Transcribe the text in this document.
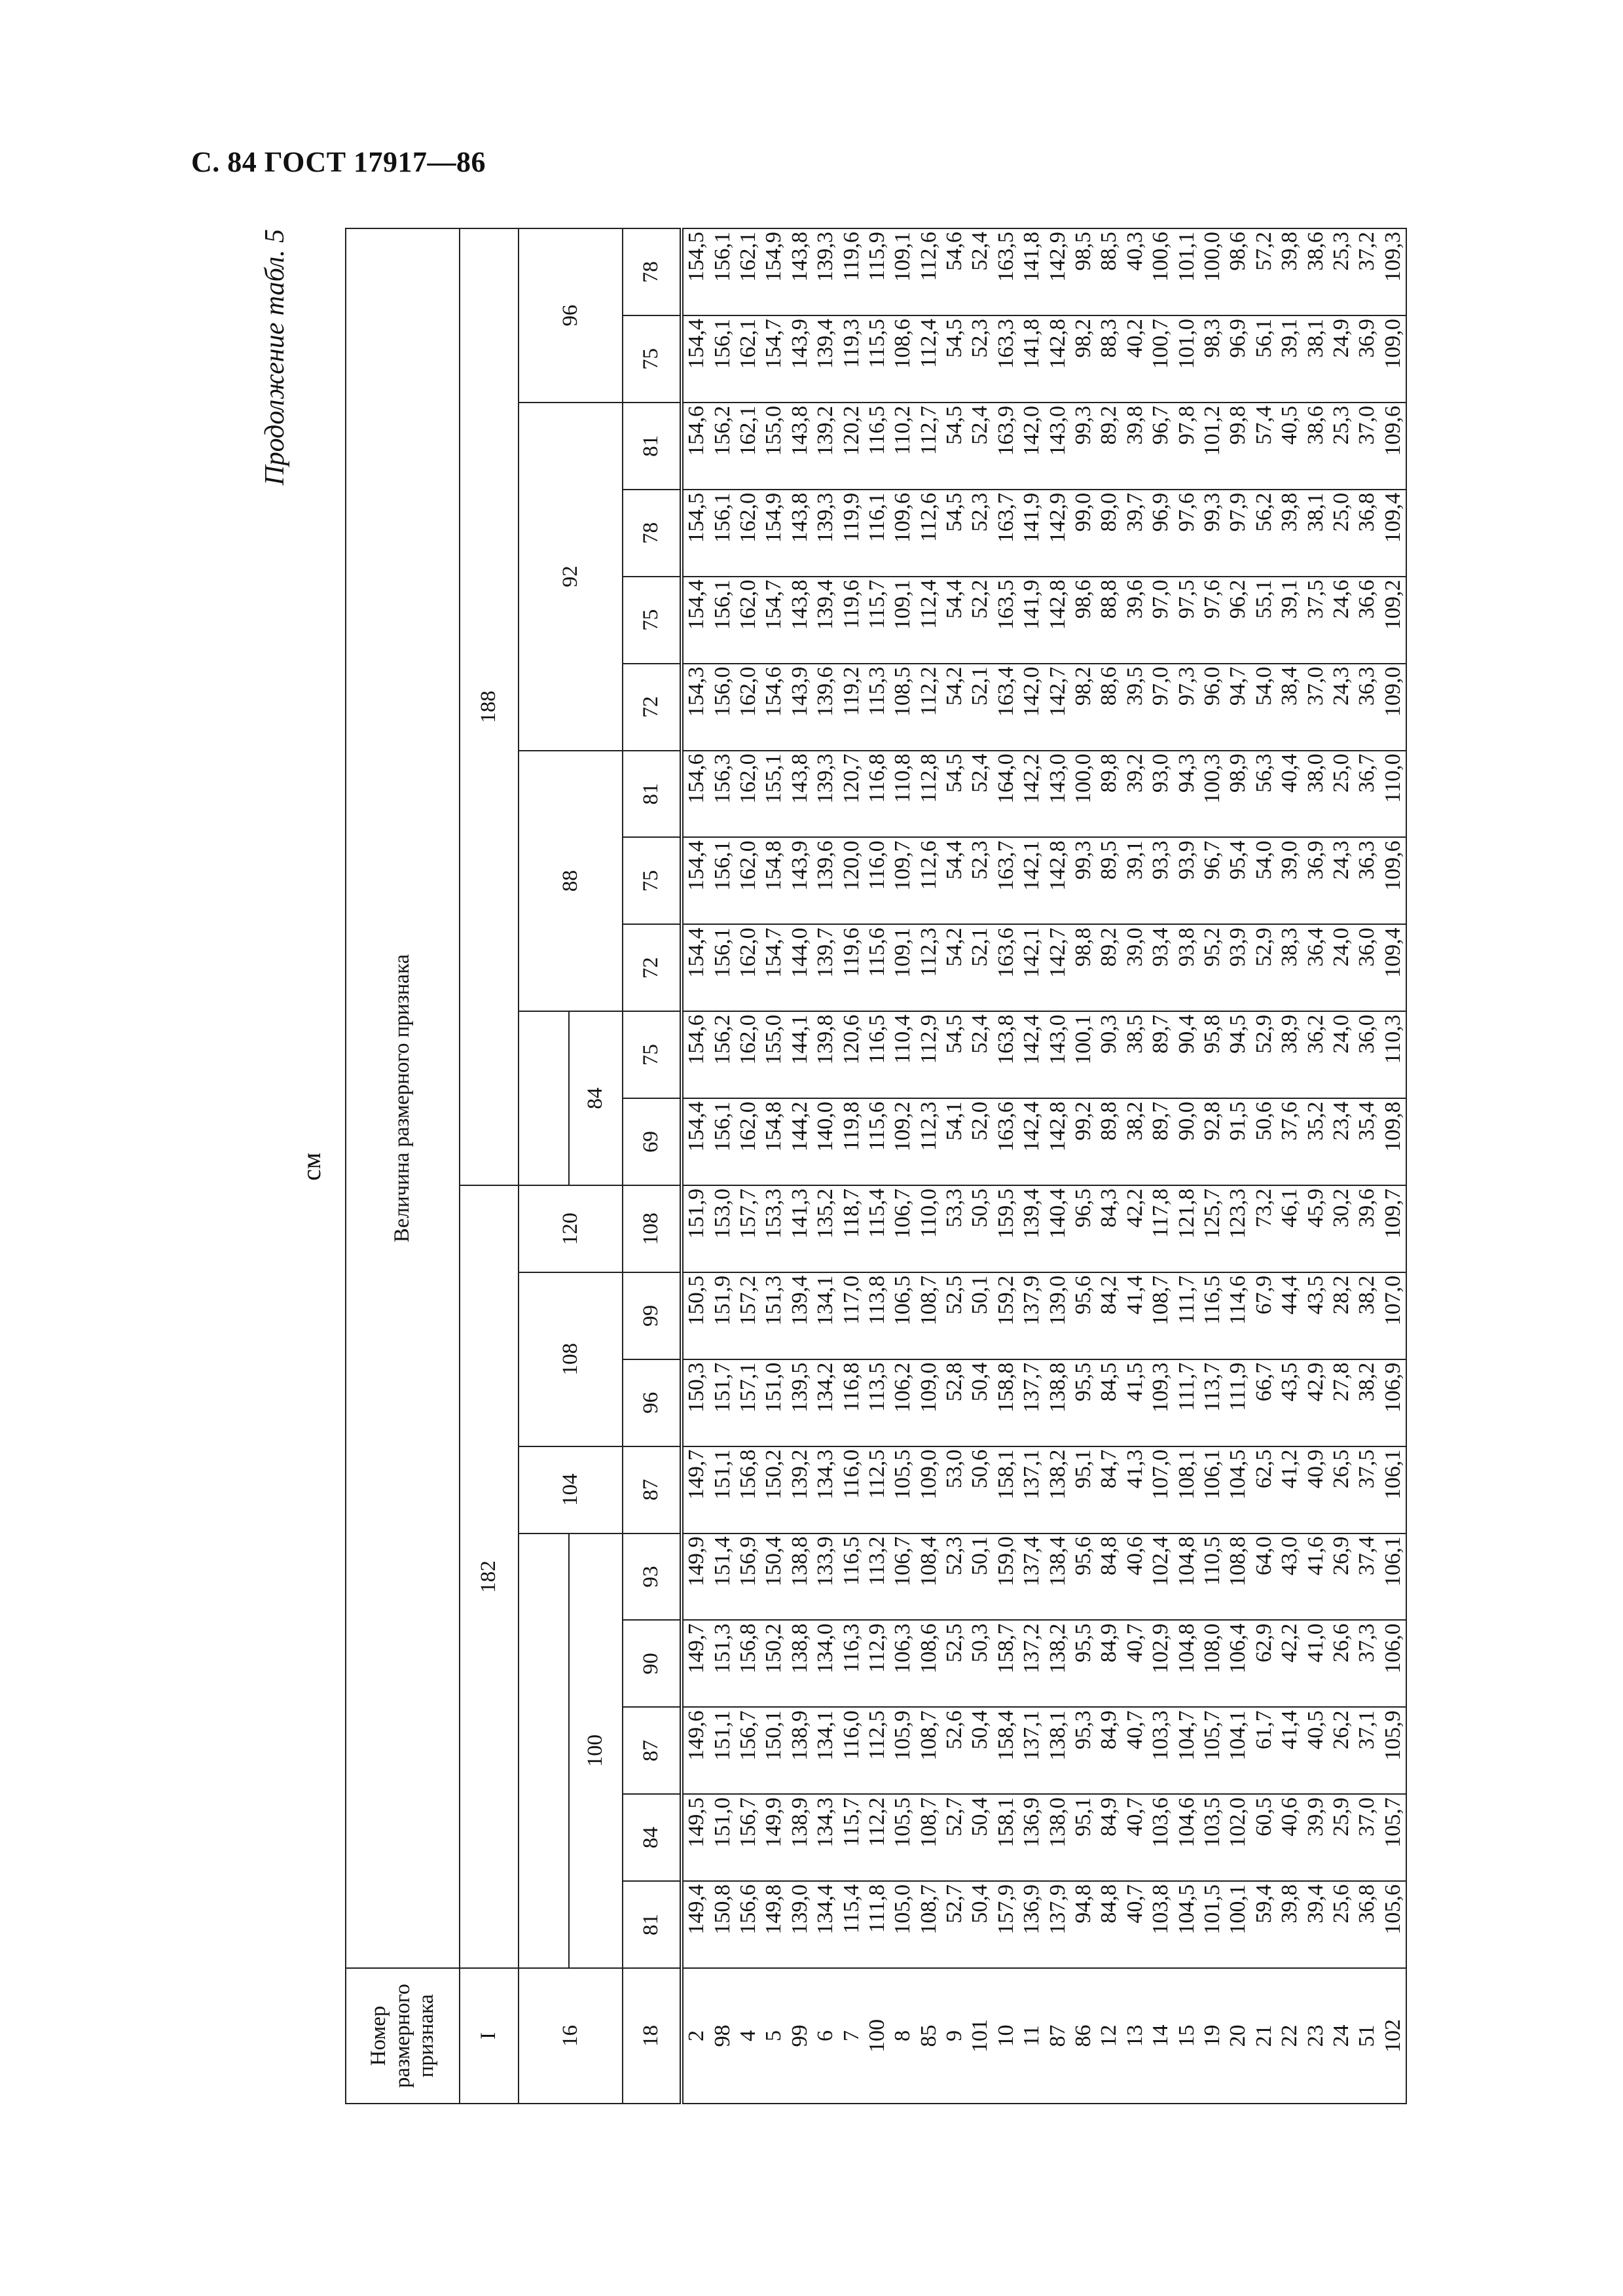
С. 84 ГОСТ 17917—86
Продолжение табл. 5
см
Номер размерного признака	Величина размерного признака																			
I	182									188										
16						104	108		120			88			92				96	
	100									84										
18	81	84	87	90	93	87	96	99	108	69	75	72	75	81	72	75	78	81	75	78
2	149,4	149,5	149,6	149,7	149,9	149,7	150,3	150,5	151,9	154,4	154,6	154,4	154,4	154,6	154,3	154,4	154,5	154,6	154,4	154,5
98	150,8	151,0	151,1	151,3	151,4	151,1	151,7	151,9	153,0	156,1	156,2	156,1	156,1	156,3	156,0	156,1	156,1	156,2	156,1	156,1
4	156,6	156,7	156,7	156,8	156,9	156,8	157,1	157,2	157,7	162,0	162,0	162,0	162,0	162,0	162,0	162,0	162,0	162,1	162,1	162,1
5	149,8	149,9	150,1	150,2	150,4	150,2	151,0	151,3	153,3	154,8	155,0	154,7	154,8	155,1	154,6	154,7	154,9	155,0	154,7	154,9
99	139,0	138,9	138,9	138,8	138,8	139,2	139,5	139,4	141,3	144,2	144,1	144,0	143,9	143,8	143,9	143,8	143,8	143,8	143,9	143,8
6	134,4	134,3	134,1	134,0	133,9	134,3	134,2	134,1	135,2	140,0	139,8	139,7	139,6	139,3	139,6	139,4	139,3	139,2	139,4	139,3
7	115,4	115,7	116,0	116,3	116,5	116,0	116,8	117,0	118,7	119,8	120,6	119,6	120,0	120,7	119,2	119,6	119,9	120,2	119,3	119,6
100	111,8	112,2	112,5	112,9	113,2	112,5	113,5	113,8	115,4	115,6	116,5	115,6	116,0	116,8	115,3	115,7	116,1	116,5	115,5	115,9
8	105,0	105,5	105,9	106,3	106,7	105,5	106,2	106,5	106,7	109,2	110,4	109,1	109,7	110,8	108,5	109,1	109,6	110,2	108,6	109,1
85	108,7	108,7	108,7	108,6	108,4	109,0	109,0	108,7	110,0	112,3	112,9	112,3	112,6	112,8	112,2	112,4	112,6	112,7	112,4	112,6
9	52,7	52,7	52,6	52,5	52,3	53,0	52,8	52,5	53,3	54,1	54,5	54,2	54,4	54,5	54,2	54,4	54,5	54,5	54,5	54,6
101	50,4	50,4	50,4	50,3	50,1	50,6	50,4	50,1	50,5	52,0	52,4	52,1	52,3	52,4	52,1	52,2	52,3	52,4	52,3	52,4
10	157,9	158,1	158,4	158,7	159,0	158,1	158,8	159,2	159,5	163,6	163,8	163,6	163,7	164,0	163,4	163,5	163,7	163,9	163,3	163,5
11	136,9	136,9	137,1	137,2	137,4	137,1	137,7	137,9	139,4	142,4	142,4	142,1	142,1	142,2	142,0	141,9	141,9	142,0	141,8	141,8
87	137,9	138,0	138,1	138,2	138,4	138,2	138,8	139,0	140,4	142,8	143,0	142,7	142,8	143,0	142,7	142,8	142,9	143,0	142,8	142,9
86	94,8	95,1	95,3	95,5	95,6	95,1	95,5	95,6	96,5	99,2	100,1	98,8	99,3	100,0	98,2	98,6	99,0	99,3	98,2	98,5
12	84,8	84,9	84,9	84,9	84,8	84,7	84,5	84,2	84,3	89,8	90,3	89,2	89,5	89,8	88,6	88,8	89,0	89,2	88,3	88,5
13	40,7	40,7	40,7	40,7	40,6	41,3	41,5	41,4	42,2	38,2	38,5	39,0	39,1	39,2	39,5	39,6	39,7	39,8	40,2	40,3
14	103,8	103,6	103,3	102,9	102,4	107,0	109,3	108,7	117,8	89,7	89,7	93,4	93,3	93,0	97,0	97,0	96,9	96,7	100,7	100,6
15	104,5	104,6	104,7	104,8	104,8	108,1	111,7	111,7	121,8	90,0	90,4	93,8	93,9	94,3	97,3	97,5	97,6	97,8	101,0	101,1
19	101,5	103,5	105,7	108,0	110,5	106,1	113,7	116,5	125,7	92,8	95,8	95,2	96,7	100,3	96,0	97,6	99,3	101,2	98,3	100,0
20	100,1	102,0	104,1	106,4	108,8	104,5	111,9	114,6	123,3	91,5	94,5	93,9	95,4	98,9	94,7	96,2	97,9	99,8	96,9	98,6
21	59,4	60,5	61,7	62,9	64,0	62,5	66,7	67,9	73,2	50,6	52,9	52,9	54,0	56,3	54,0	55,1	56,2	57,4	56,1	57,2
22	39,8	40,6	41,4	42,2	43,0	41,2	43,5	44,4	46,1	37,6	38,9	38,3	39,0	40,4	38,4	39,1	39,8	40,5	39,1	39,8
23	39,4	39,9	40,5	41,0	41,6	40,9	42,9	43,5	45,9	35,2	36,2	36,4	36,9	38,0	37,0	37,5	38,1	38,6	38,1	38,6
24	25,6	25,9	26,2	26,6	26,9	26,5	27,8	28,2	30,2	23,4	24,0	24,0	24,3	25,0	24,3	24,6	25,0	25,3	24,9	25,3
51	36,8	37,0	37,1	37,3	37,4	37,5	38,2	38,2	39,6	35,4	36,0	36,0	36,3	36,7	36,3	36,6	36,8	37,0	36,9	37,2
102	105,6	105,7	105,9	106,0	106,1	106,1	106,9	107,0	109,7	109,8	110,3	109,4	109,6	110,0	109,0	109,2	109,4	109,6	109,0	109,3
